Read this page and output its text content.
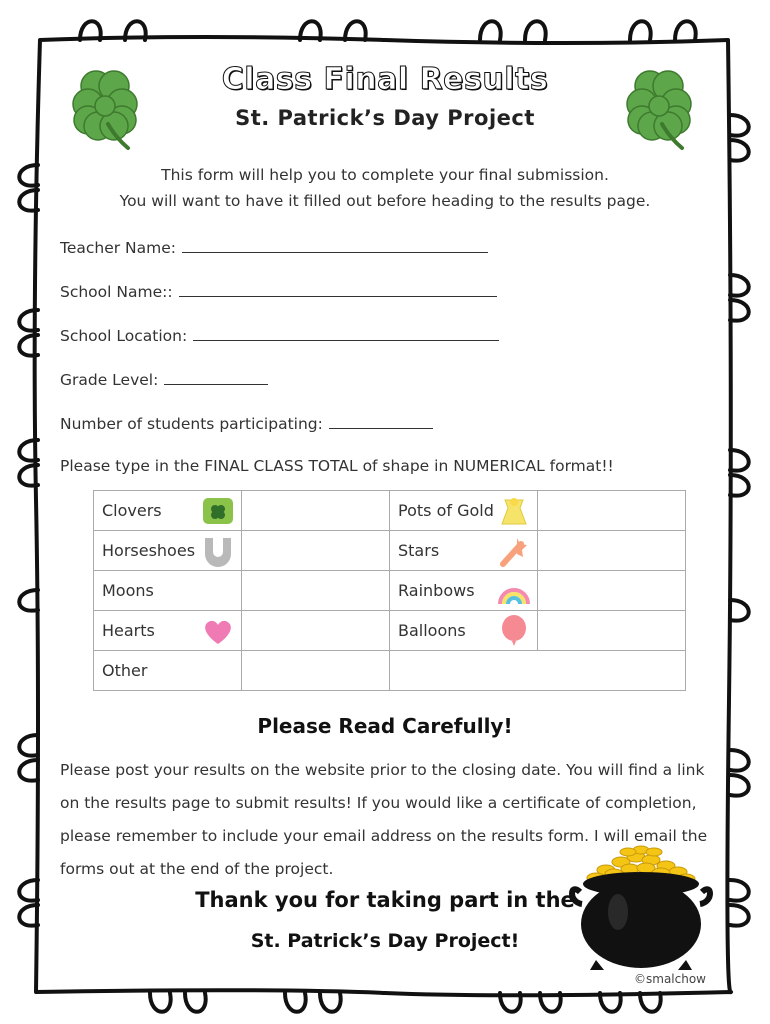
Class Final Results
St. Patrick’s Day Project
This form will help you to complete your final submission.
You will want to have it filled out before heading to the results page.
Teacher Name:
School Name::
School Location:
Grade Level:
Number of students participating:
Please type in the FINAL CLASS TOTAL of shape in NUMERICAL format!!
Clovers		Pots of Gold	

Horseshoes		Stars	

Moons		Rainbows	

Hearts		Balloons	

Other			

Please Read Carefully!
Please post your results on the website prior to the closing date. You will find a link on the results page to submit results! If you would like a certificate of completion, please remember to include your email address on the results form. I will email the forms out at the end of the project.
Thank you for taking part in the
St. Patrick’s Day Project!
©smalchow
